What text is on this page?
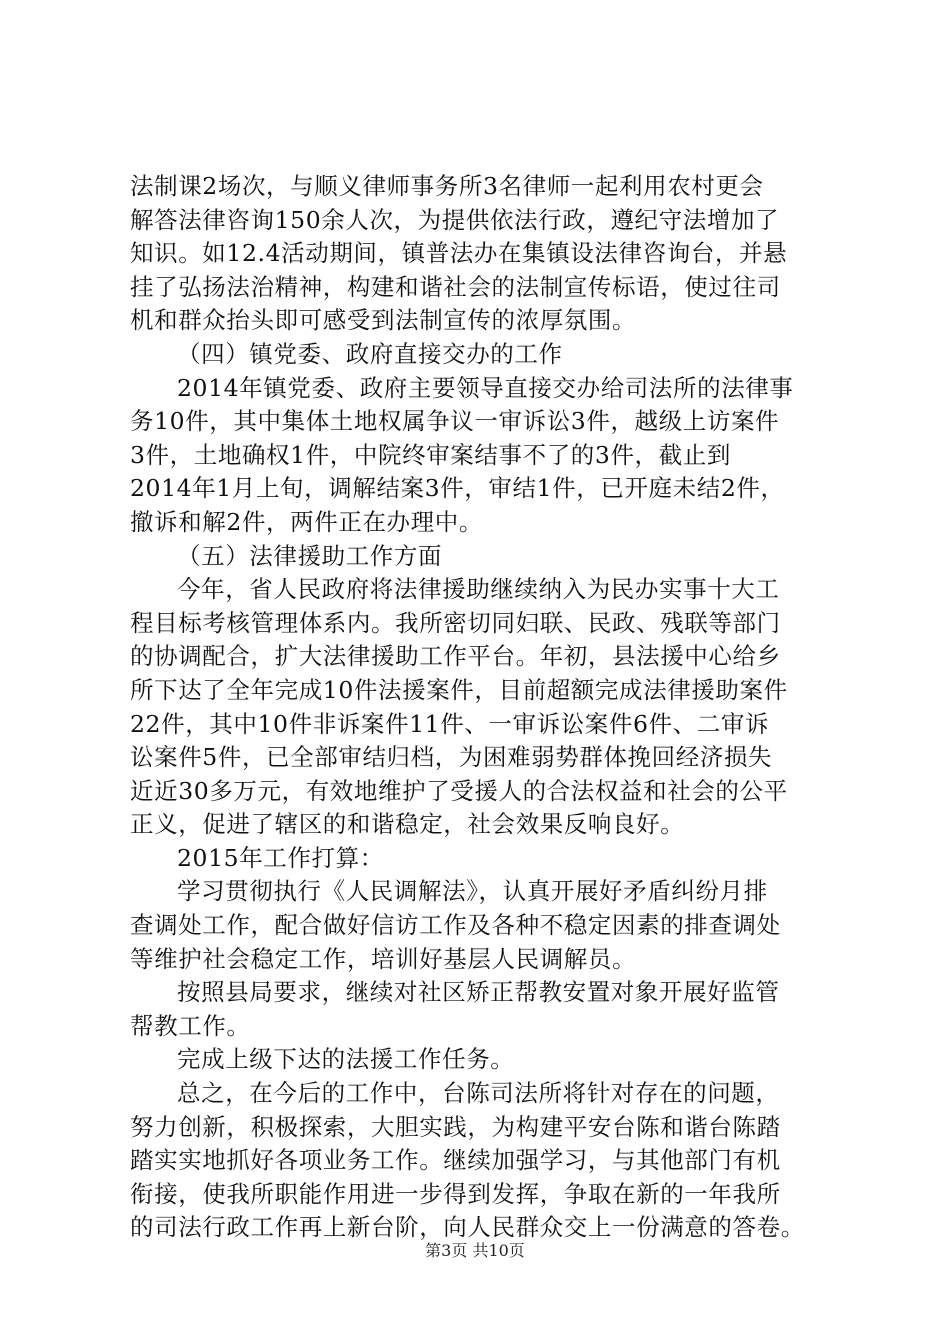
法制课2场次，与顺义律师事务所3名律师一起利用农村更会
解答法律咨询150余人次，为提供依法行政，遵纪守法增加了
知识。如12.4活动期间，镇普法办在集镇设法律咨询台，并悬
挂了弘扬法治精神，构建和谐社会的法制宣传标语，使过往司
机和群众抬头即可感受到法制宣传的浓厚氛围。
（四）镇党委、政府直接交办的工作
2014年镇党委、政府主要领导直接交办给司法所的法律事
务10件，其中集体土地权属争议一审诉讼3件，越级上访案件
3件，土地确权1件，中院终审案结事不了的3件，截止到
2014年1月上旬，调解结案3件，审结1件，已开庭未结2件，
撤诉和解2件，两件正在办理中。
（五）法律援助工作方面
今年，省人民政府将法律援助继续纳入为民办实事十大工
程目标考核管理体系内。我所密切同妇联、民政、残联等部门
的协调配合，扩大法律援助工作平台。年初，县法援中心给乡
所下达了全年完成10件法援案件，目前超额完成法律援助案件
22件，其中10件非诉案件11件、一审诉讼案件6件、二审诉
讼案件5件，已全部审结归档，为困难弱势群体挽回经济损失
近近30多万元，有效地维护了受援人的合法权益和社会的公平
正义，促进了辖区的和谐稳定，社会效果反响良好。
2015年工作打算：
学习贯彻执行《人民调解法》，认真开展好矛盾纠纷月排
查调处工作，配合做好信访工作及各种不稳定因素的排查调处
等维护社会稳定工作，培训好基层人民调解员。
按照县局要求，继续对社区矫正帮教安置对象开展好监管
帮教工作。
完成上级下达的法援工作任务。
总之，在今后的工作中，台陈司法所将针对存在的问题，
努力创新，积极探索，大胆实践，为构建平安台陈和谐台陈踏
踏实实地抓好各项业务工作。继续加强学习，与其他部门有机
衔接，使我所职能作用进一步得到发挥，争取在新的一年我所
的司法行政工作再上新台阶，向人民群众交上一份满意的答卷。
第3页 共10页
